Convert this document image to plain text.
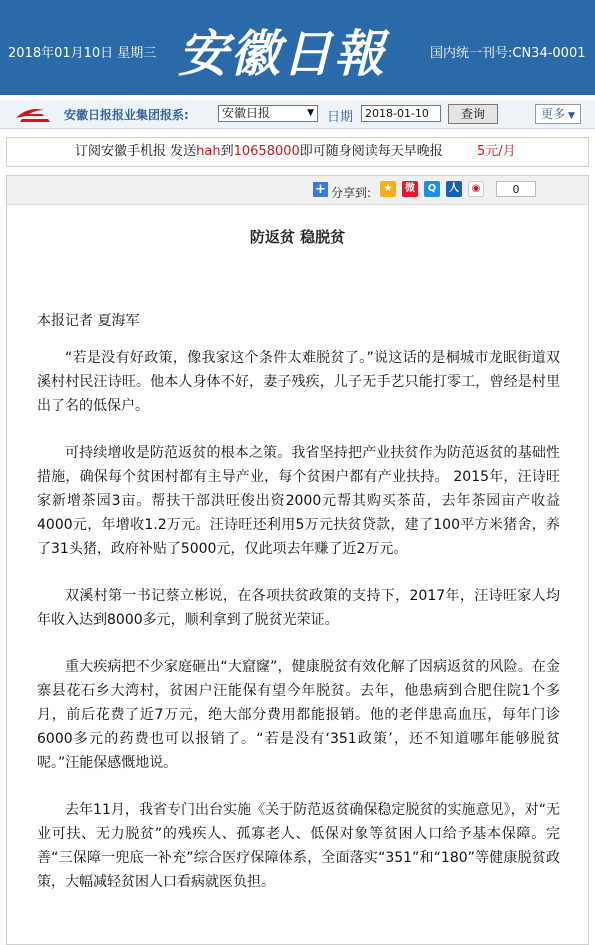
2018年01月10日 星期三 安徽日報	国内统一刊号:CN34-0001
安徽日报报业集团报系:	安徽日报	▼ 日期	2018-01-10	查询	更多 ▼
订阅安徽手机报 发送hah到10658000即可随身阅读每天早晚报	5元/月
+ 分享到:	★	微	Q	人	◉	0
防返贫 稳脱贫
本报记者 夏海军

“若是没有好政策，像我家这个条件太难脱贫了。”说这话的是桐城市龙眠街道双溪村村民汪诗旺。他本人身体不好，妻子残疾，儿子无手艺只能打零工，曾经是村里出了名的低保户。

可持续增收是防范返贫的根本之策。我省坚持把产业扶贫作为防范返贫的基础性措施，确保每个贫困村都有主导产业，每个贫困户都有产业扶持。 2015年，汪诗旺家新增茶园3亩。帮扶干部洪旺俊出资2000元帮其购买茶苗，去年茶园亩产收益4000元，年增收1.2万元。汪诗旺还利用5万元扶贫贷款，建了100平方米猪舍，养了31头猪，政府补贴了5000元，仅此项去年赚了近2万元。

双溪村第一书记蔡立彬说，在各项扶贫政策的支持下，2017年，汪诗旺家人均年收入达到8000多元，顺利拿到了脱贫光荣证。

重大疾病把不少家庭砸出“大窟窿”，健康脱贫有效化解了因病返贫的风险。在金寨县花石乡大湾村，贫困户汪能保有望今年脱贫。去年，他患病到合肥住院1个多月，前后花费了近7万元，绝大部分费用都能报销。他的老伴患高血压，每年门诊6000多元的药费也可以报销了。“若是没有‘351政策’，还不知道哪年能够脱贫呢。”汪能保感慨地说。

去年11月，我省专门出台实施《关于防范返贫确保稳定脱贫的实施意见》，对“无业可扶、无力脱贫”的残疾人、孤寡老人、低保对象等贫困人口给予基本保障。完善“三保障一兜底一补充”综合医疗保障体系，全面落实“351”和“180”等健康脱贫政策，大幅减轻贫困人口看病就医负担。
